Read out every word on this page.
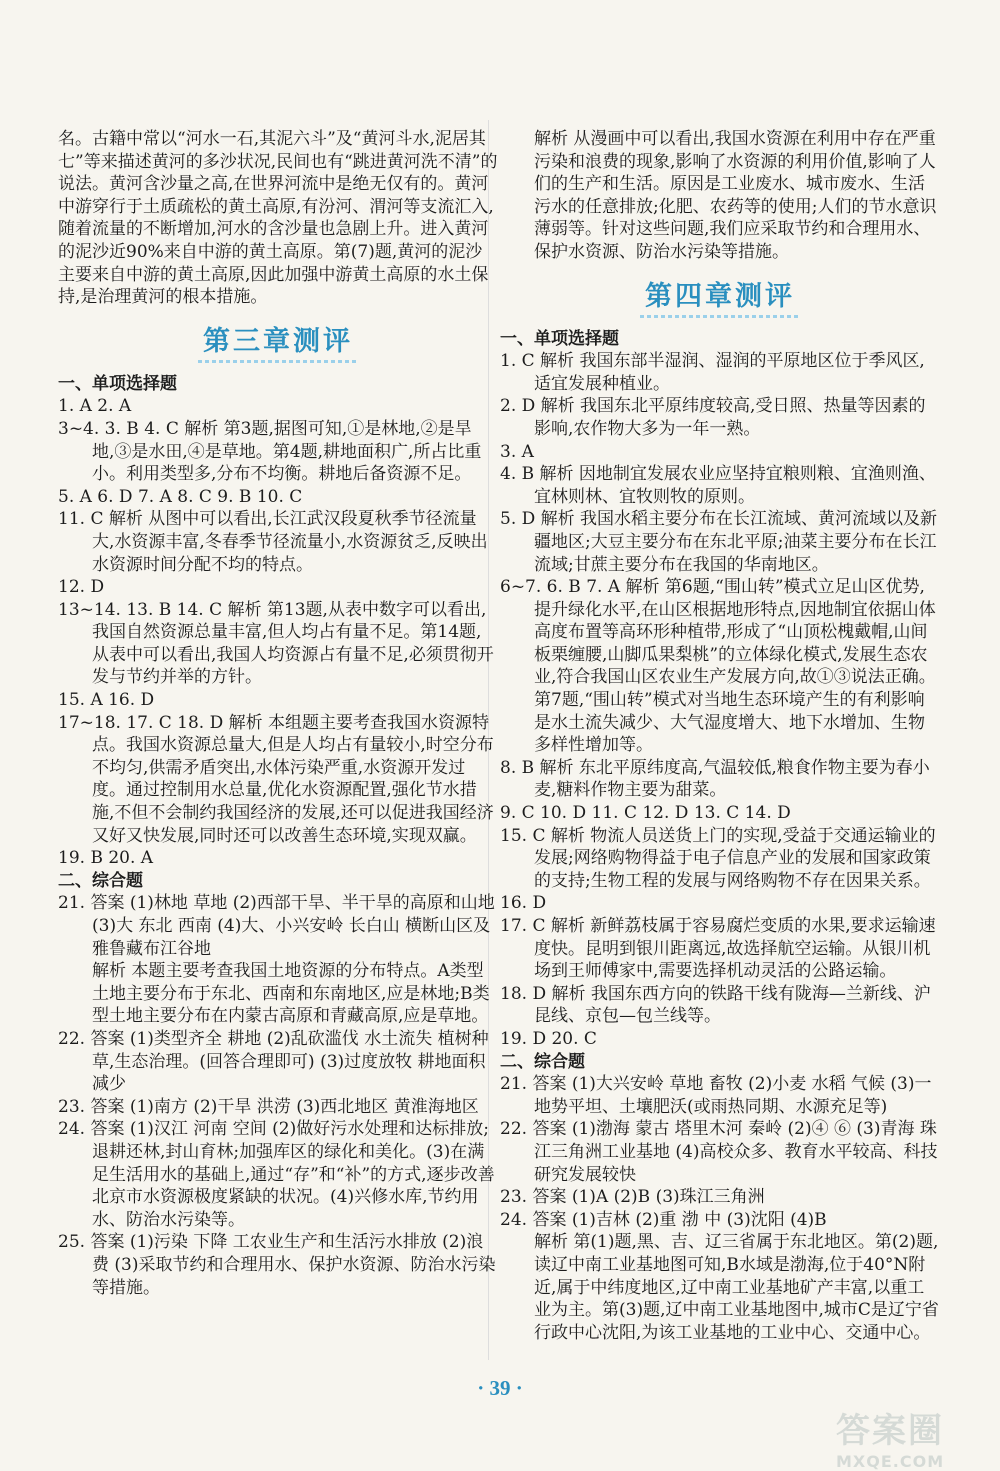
名。古籍中常以“河水一石,其泥六斗”及“黄河斗水,泥居其七”等来描述黄河的多沙状况,民间也有“跳进黄河洗不清”的说法。黄河含沙量之高,在世界河流中是绝无仅有的。黄河中游穿行于土质疏松的黄土高原,有汾河、渭河等支流汇入,随着流量的不断增加,河水的含沙量也急剧上升。进入黄河的泥沙近90%来自中游的黄土高原。第(7)题,黄河的泥沙主要来自中游的黄土高原,因此加强中游黄土高原的水土保持,是治理黄河的根本措施。

第三章测评

一、单项选择题

1. A 2. A

3~4. 3. B 4. C 解析 第3题,据图可知,①是林地,②是旱地,③是水田,④是草地。第4题,耕地面积广,所占比重小。利用类型多,分布不均衡。耕地后备资源不足。

5. A 6. D 7. A 8. C 9. B 10. C

11. C 解析 从图中可以看出,长江武汉段夏秋季节径流量大,水资源丰富,冬春季节径流量小,水资源贫乏,反映出水资源时间分配不均的特点。

12. D

13~14. 13. B 14. C 解析 第13题,从表中数字可以看出,我国自然资源总量丰富,但人均占有量不足。第14题,从表中可以看出,我国人均资源占有量不足,必须贯彻开发与节约并举的方针。

15. A 16. D

17~18. 17. C 18. D 解析 本组题主要考查我国水资源特点。我国水资源总量大,但是人均占有量较小,时空分布不均匀,供需矛盾突出,水体污染严重,水资源开发过度。通过控制用水总量,优化水资源配置,强化节水措施,不但不会制约我国经济的发展,还可以促进我国经济又好又快发展,同时还可以改善生态环境,实现双赢。

19. B 20. A

二、综合题

21. 答案 (1)林地 草地 (2)西部干旱、半干旱的高原和山地 (3)大 东北 西南 (4)大、小兴安岭 长白山 横断山区及雅鲁藏布江谷地

解析 本题主要考查我国土地资源的分布特点。A类型土地主要分布于东北、西南和东南地区,应是林地;B类型土地主要分布在内蒙古高原和青藏高原,应是草地。

22. 答案 (1)类型齐全 耕地 (2)乱砍滥伐 水土流失 植树种草,生态治理。(回答合理即可) (3)过度放牧 耕地面积减少

23. 答案 (1)南方 (2)干旱 洪涝 (3)西北地区 黄淮海地区

24. 答案 (1)汉江 河南 空间 (2)做好污水处理和达标排放;退耕还林,封山育林;加强库区的绿化和美化。(3)在满足生活用水的基础上,通过“存”和“补”的方式,逐步改善北京市水资源极度紧缺的状况。(4)兴修水库,节约用水、防治水污染等。

25. 答案 (1)污染 下降 工农业生产和生活污水排放 (2)浪费 (3)采取节约和合理用水、保护水资源、防治水污染等措施。

解析 从漫画中可以看出,我国水资源在利用中存在严重污染和浪费的现象,影响了水资源的利用价值,影响了人们的生产和生活。原因是工业废水、城市废水、生活污水的任意排放;化肥、农药等的使用;人们的节水意识薄弱等。针对这些问题,我们应采取节约和合理用水、保护水资源、防治水污染等措施。

第四章测评

一、单项选择题

1. C 解析 我国东部半湿润、湿润的平原地区位于季风区,适宜发展种植业。

2. D 解析 我国东北平原纬度较高,受日照、热量等因素的影响,农作物大多为一年一熟。

3. A

4. B 解析 因地制宜发展农业应坚持宜粮则粮、宜渔则渔、宜林则林、宜牧则牧的原则。

5. D 解析 我国水稻主要分布在长江流域、黄河流域以及新疆地区;大豆主要分布在东北平原;油菜主要分布在长江流域;甘蔗主要分布在我国的华南地区。

6~7. 6. B 7. A 解析 第6题,“围山转”模式立足山区优势,提升绿化水平,在山区根据地形特点,因地制宜依据山体高度布置等高环形种植带,形成了“山顶松槐戴帽,山间板栗缠腰,山脚瓜果梨桃”的立体绿化模式,发展生态农业,符合我国山区农业生产发展方向,故①③说法正确。第7题,“围山转”模式对当地生态环境产生的有利影响是水土流失减少、大气湿度增大、地下水增加、生物多样性增加等。

8. B 解析 东北平原纬度高,气温较低,粮食作物主要为春小麦,糖料作物主要为甜菜。

9. C 10. D 11. C 12. D 13. C 14. D

15. C 解析 物流人员送货上门的实现,受益于交通运输业的发展;网络购物得益于电子信息产业的发展和国家政策的支持;生物工程的发展与网络购物不存在因果关系。

16. D

17. C 解析 新鲜荔枝属于容易腐烂变质的水果,要求运输速度快。昆明到银川距离远,故选择航空运输。从银川机场到王师傅家中,需要选择机动灵活的公路运输。

18. D 解析 我国东西方向的铁路干线有陇海—兰新线、沪昆线、京包—包兰线等。

19. D 20. C

二、综合题

21. 答案 (1)大兴安岭 草地 畜牧 (2)小麦 水稻 气候 (3)一 地势平坦、土壤肥沃(或雨热同期、水源充足等)

22. 答案 (1)渤海 蒙古 塔里木河 秦岭 (2)④ ⑥ (3)青海 珠江三角洲工业基地 (4)高校众多、教育水平较高、科技研究发展较快

23. 答案 (1)A (2)B (3)珠江三角洲

24. 答案 (1)吉林 (2)重 渤 中 (3)沈阳 (4)B

解析 第(1)题,黑、吉、辽三省属于东北地区。第(2)题,读辽中南工业基地图可知,B水域是渤海,位于40°N附近,属于中纬度地区,辽中南工业基地矿产丰富,以重工业为主。第(3)题,辽中南工业基地图中,城市C是辽宁省行政中心沈阳,为该工业基地的工业中心、交通中心。

· 39 ·
答案圈
MXQE.COM
